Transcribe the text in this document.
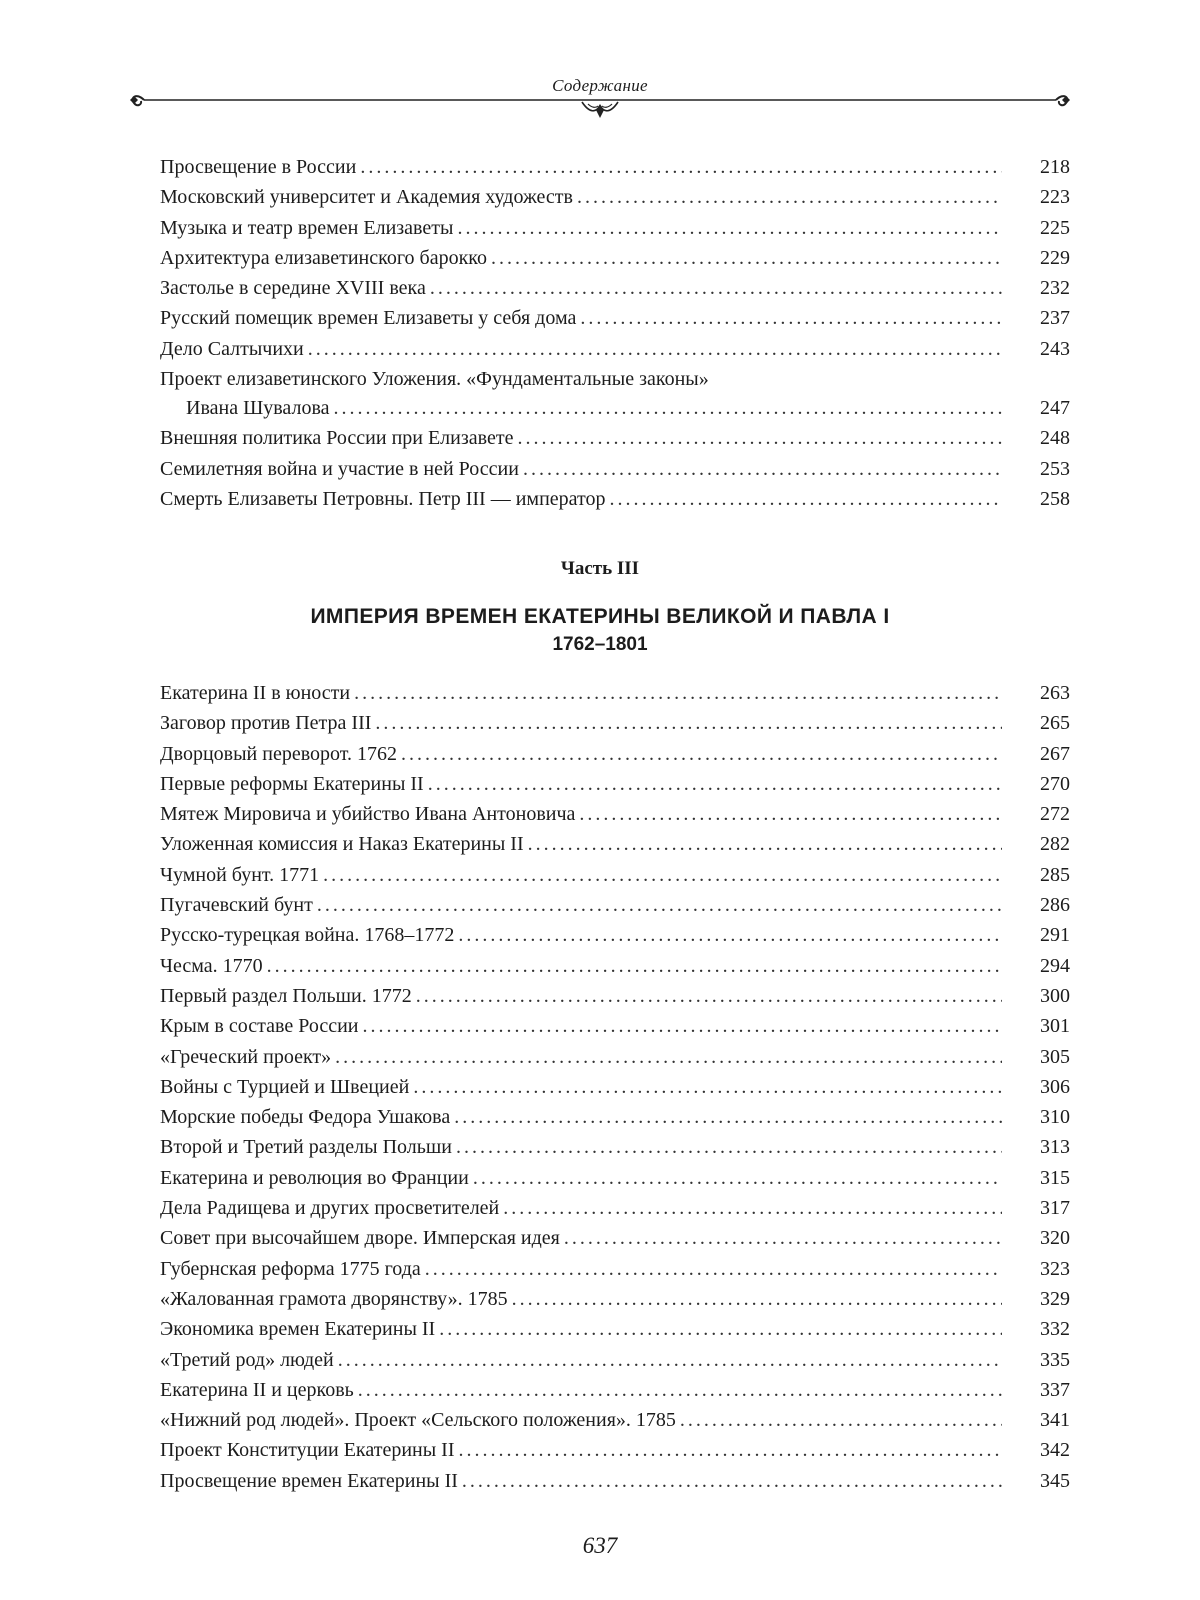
Содержание
Просвещение в России . . .	218
Московский университет и Академия художеств . . .	223
Музыка и театр времен Елизаветы . . .	225
Архитектура елизаветинского барокко . . .	229
Застолье в середине XVIII века . . .	232
Русский помещик времен Елизаветы у себя дома . . .	237
Дело Салтычихи . . .	243
Проект елизаветинского Уложения. «Фундаментальные законы»
Ивана Шувалова . . .	247
Внешняя политика России при Елизавете . . .	248
Семилетняя война и участие в ней России . . .	253
Смерть Елизаветы Петровны. Петр III — император . . .	258
Часть III
ИМПЕРИЯ ВРЕМЕН ЕКАТЕРИНЫ ВЕЛИКОЙ И ПАВЛА I
1762–1801
Екатерина II в юности . . .	263
Заговор против Петра III . . .	265
Дворцовый переворот. 1762 . . .	267
Первые реформы Екатерины II . . .	270
Мятеж Мировича и убийство Ивана Антоновича . . .	272
Уложенная комиссия и Наказ Екатерины II . . .	282
Чумной бунт. 1771 . . .	285
Пугачевский бунт . . .	286
Русско-турецкая война. 1768–1772 . . .	291
Чесма. 1770 . . .	294
Первый раздел Польши. 1772 . . .	300
Крым в составе России . . .	301
«Греческий проект» . . .	305
Войны с Турцией и Швецией . . .	306
Морские победы Федора Ушакова . . .	310
Второй и Третий разделы Польши . . .	313
Екатерина и революция во Франции . . .	315
Дела Радищева и других просветителей . . .	317
Совет при высочайшем дворе. Имперская идея . . .	320
Губернская реформа 1775 года . . .	323
«Жалованная грамота дворянству». 1785 . . .	329
Экономика времен Екатерины II . . .	332
«Третий род» людей . . .	335
Екатерина II и церковь . . .	337
«Нижний род людей». Проект «Сельского положения». 1785 . . .	341
Проект Конституции Екатерины II . . .	342
Просвещение времен Екатерины II . . .	345
637
